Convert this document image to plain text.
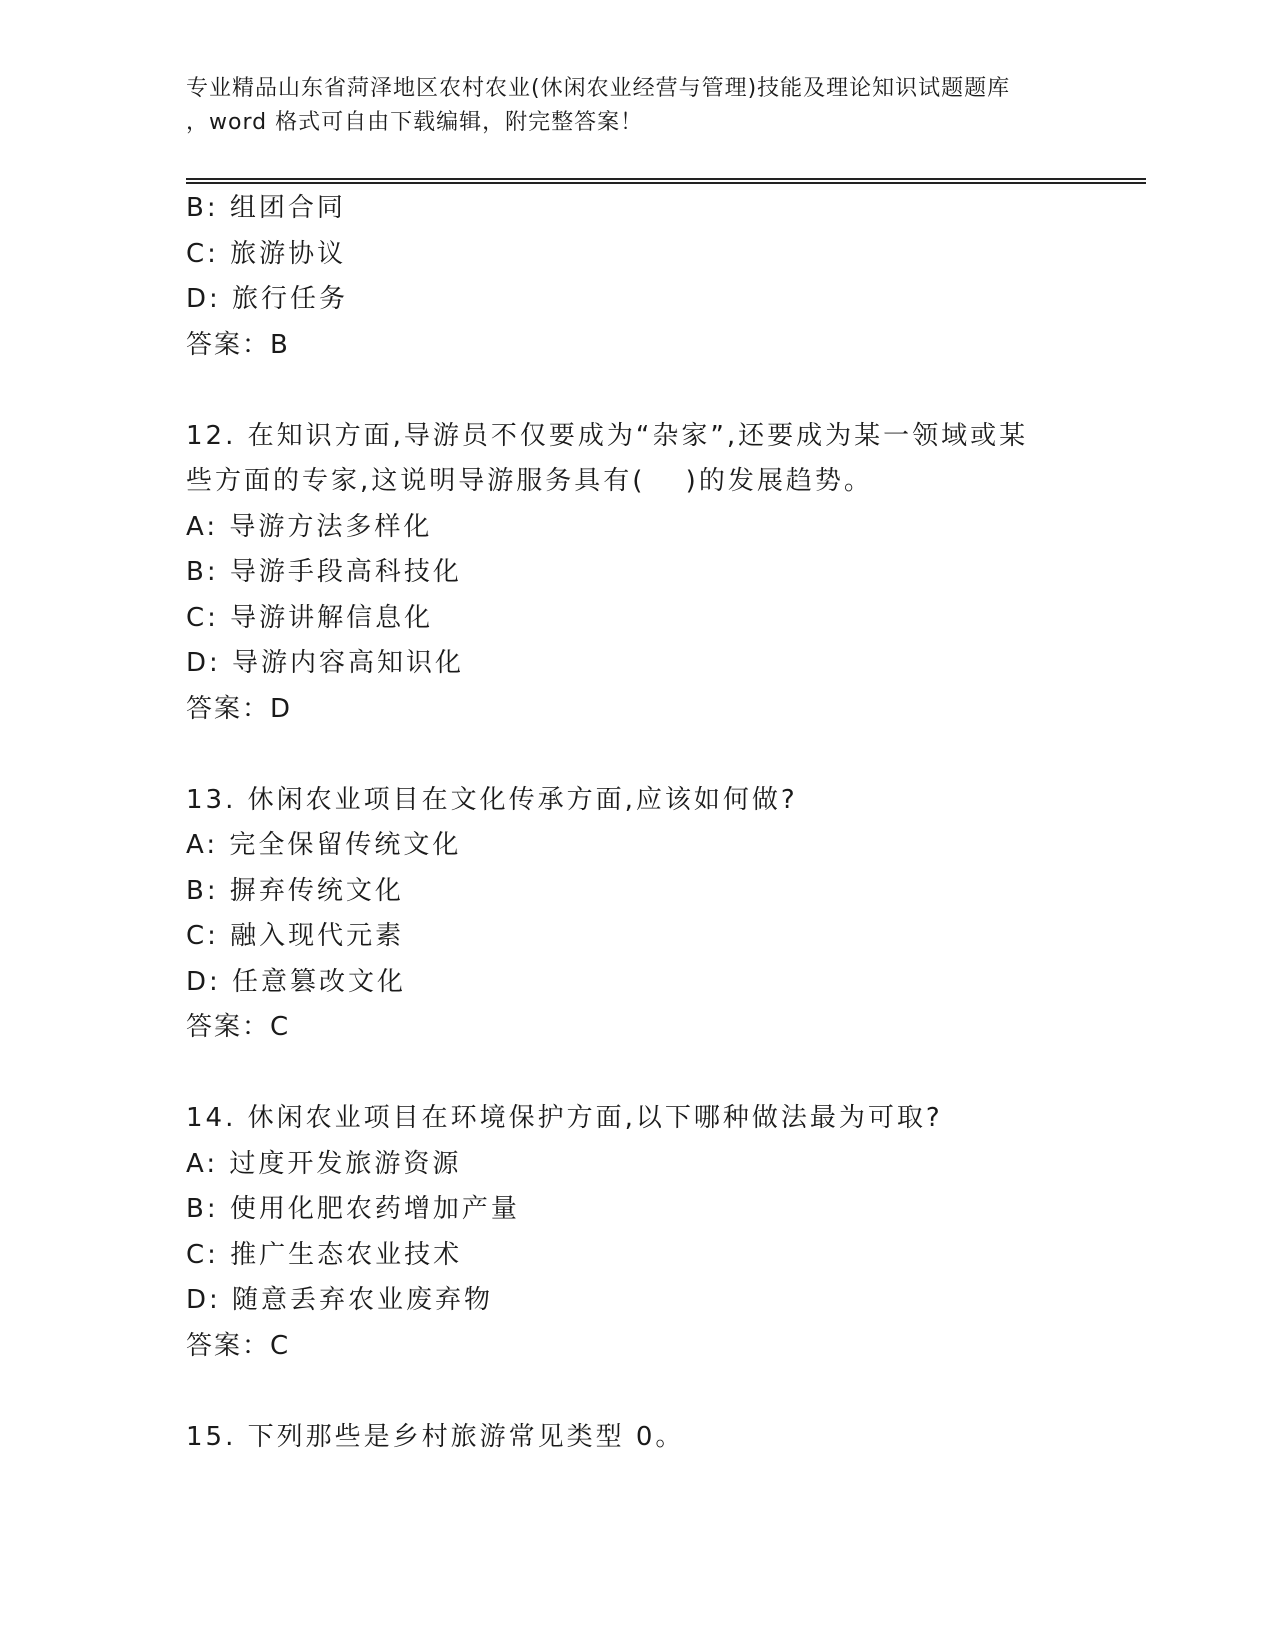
专业精品山东省菏泽地区农村农业(休闲农业经营与管理)技能及理论知识试题题库
，word 格式可自由下载编辑，附完整答案！
B: 组团合同
C: 旅游协议
D: 旅行任务
答案：B
12. 在知识方面,导游员不仅要成为“杂家”,还要成为某一领域或某
些方面的专家,这说明导游服务具有(　 )的发展趋势。
A: 导游方法多样化
B: 导游手段高科技化
C: 导游讲解信息化
D: 导游内容高知识化
答案：D
13. 休闲农业项目在文化传承方面,应该如何做?
A: 完全保留传统文化
B: 摒弃传统文化
C: 融入现代元素
D: 任意篡改文化
答案：C
14. 休闲农业项目在环境保护方面,以下哪种做法最为可取?
A: 过度开发旅游资源
B: 使用化肥农药增加产量
C: 推广生态农业技术
D: 随意丢弃农业废弃物
答案：C
15. 下列那些是乡村旅游常见类型 0。
